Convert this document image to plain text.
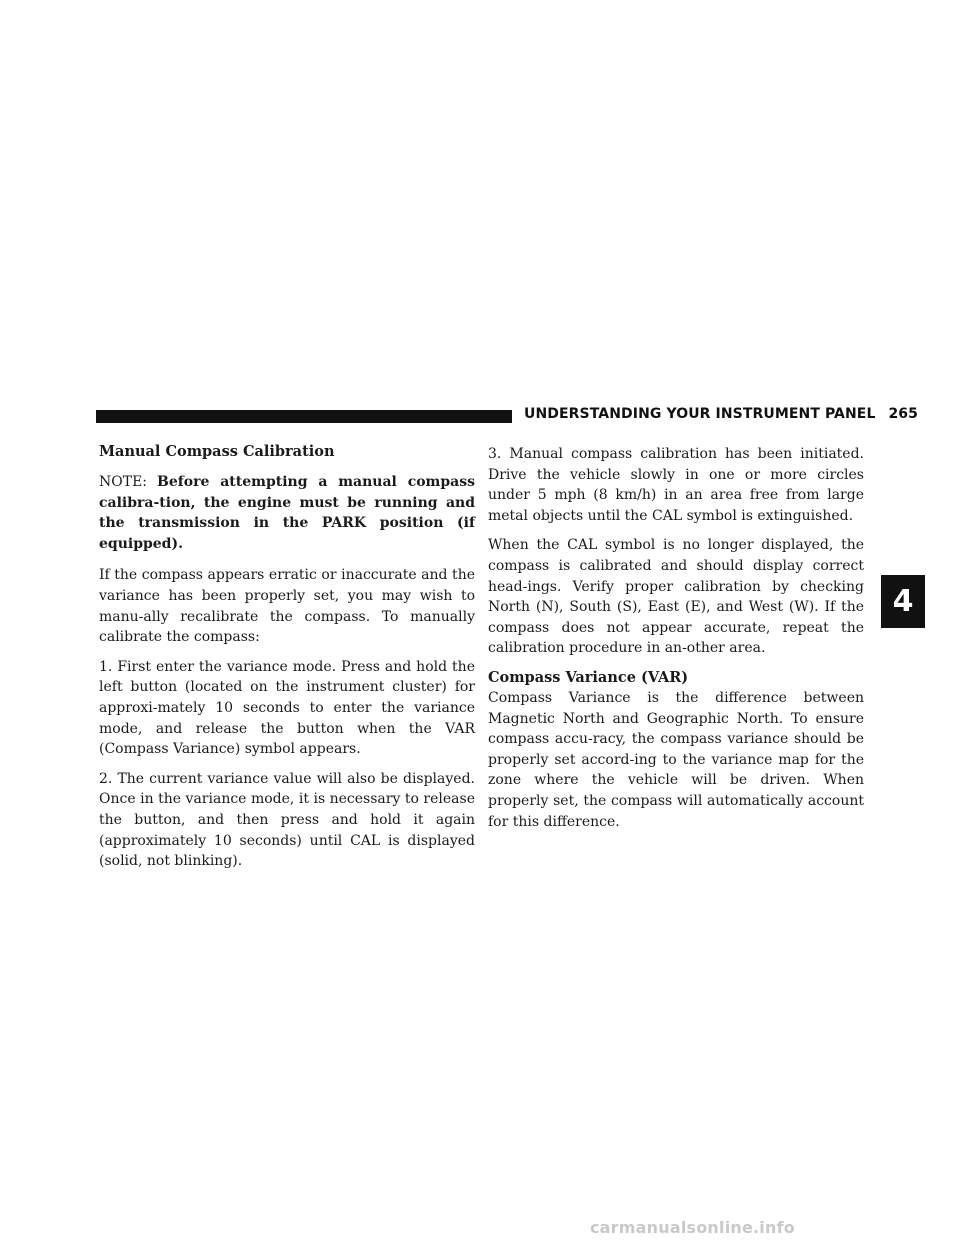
UNDERSTANDING YOUR INSTRUMENT PANEL 265
4
Manual Compass Calibration

NOTE: Before attempting a manual compass calibra-tion, the engine must be running and the transmission in the PARK position (if equipped).

If the compass appears erratic or inaccurate and the variance has been properly set, you may wish to manu-ally recalibrate the compass. To manually calibrate the compass:

1. First enter the variance mode. Press and hold the left button (located on the instrument cluster) for approxi-mately 10 seconds to enter the variance mode, and release the button when the VAR (Compass Variance) symbol appears.

2. The current variance value will also be displayed. Once in the variance mode, it is necessary to release the button, and then press and hold it again (approximately 10 seconds) until CAL is displayed (solid, not blinking).

3. Manual compass calibration has been initiated. Drive the vehicle slowly in one or more circles under 5 mph (8 km/h) in an area free from large metal objects until the CAL symbol is extinguished.

When the CAL symbol is no longer displayed, the compass is calibrated and should display correct head-ings. Verify proper calibration by checking North (N), South (S), East (E), and West (W). If the compass does not appear accurate, repeat the calibration procedure in an-other area.

Compass Variance (VAR)

Compass Variance is the difference between Magnetic North and Geographic North. To ensure compass accu-racy, the compass variance should be properly set accord-ing to the variance map for the zone where the vehicle will be driven. When properly set, the compass will automatically account for this difference.

carmanualsonline.info
